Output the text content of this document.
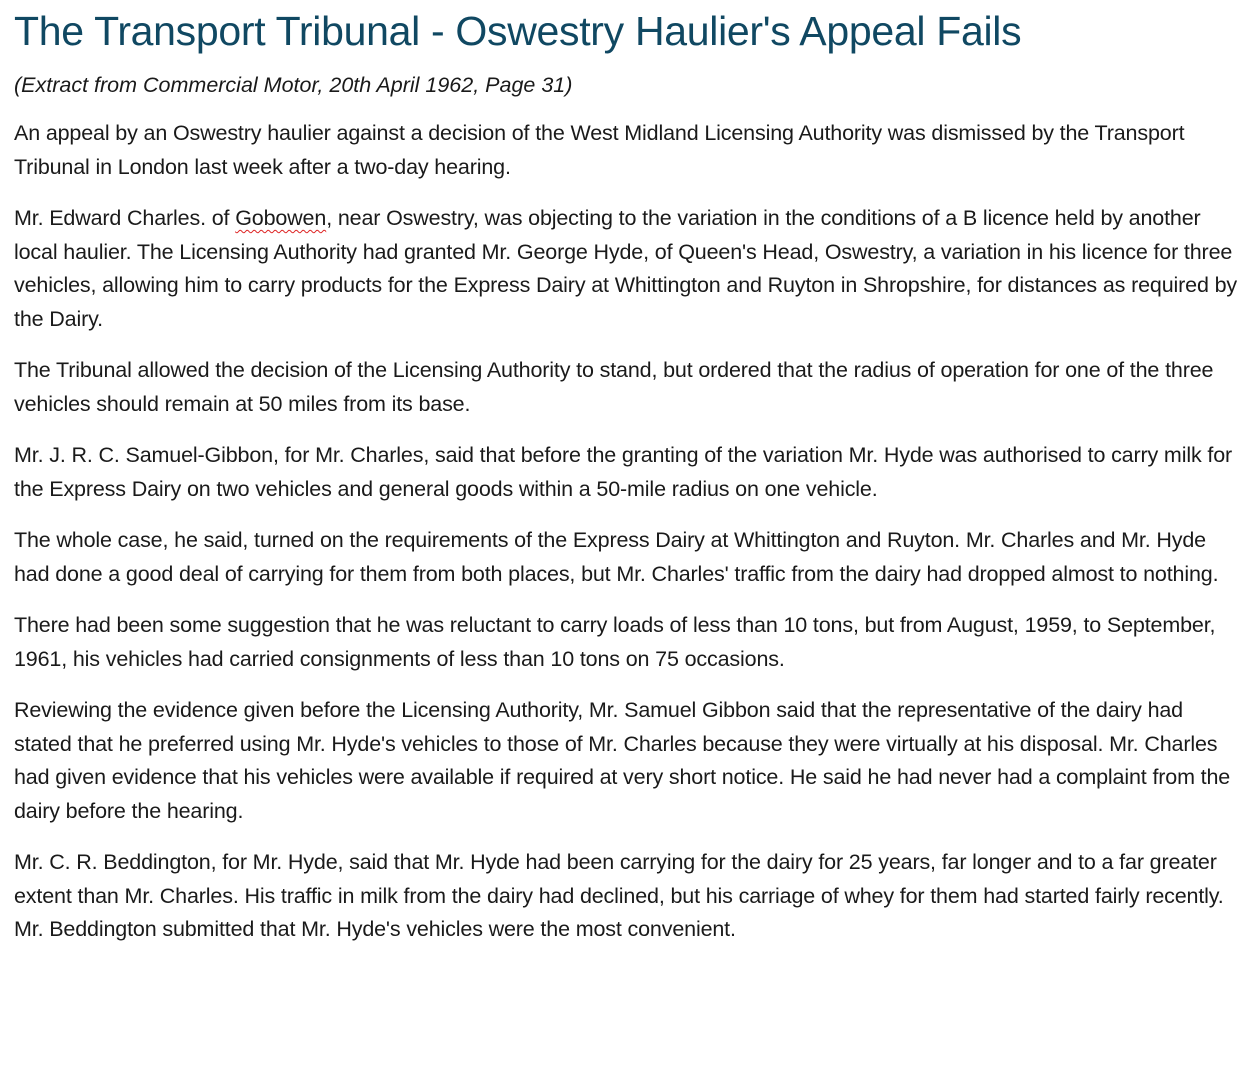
The Transport Tribunal - Oswestry Haulier's Appeal Fails

(Extract from Commercial Motor, 20th April 1962, Page 31)

An appeal by an Oswestry haulier against a decision of the West Midland Licensing Authority was dismissed by the Transport Tribunal in London last week after a two-day hearing.

Mr. Edward Charles. of Gobowen, near Oswestry, was objecting to the variation in the conditions of a B licence held by another local haulier. The Licensing Authority had granted Mr. George Hyde, of Queen's Head, Oswestry, a variation in his licence for three vehicles, allowing him to carry products for the Express Dairy at Whittington and Ruyton in Shropshire, for distances as required by the Dairy.

The Tribunal allowed the decision of the Licensing Authority to stand, but ordered that the radius of operation for one of the three vehicles should remain at 50 miles from its base.

Mr. J. R. C. Samuel-Gibbon, for Mr. Charles, said that before the granting of the variation Mr. Hyde was authorised to carry milk for the Express Dairy on two vehicles and general goods within a 50-mile radius on one vehicle.

The whole case, he said, turned on the requirements of the Express Dairy at Whittington and Ruyton. Mr. Charles and Mr. Hyde had done a good deal of carrying for them from both places, but Mr. Charles' traffic from the dairy had dropped almost to nothing.

There had been some suggestion that he was reluctant to carry loads of less than 10 tons, but from August, 1959, to September, 1961, his vehicles had carried consignments of less than 10 tons on 75 occasions.

Reviewing the evidence given before the Licensing Authority, Mr. Samuel Gibbon said that the representative of the dairy had stated that he preferred using Mr. Hyde's vehicles to those of Mr. Charles because they were virtually at his disposal. Mr. Charles had given evidence that his vehicles were available if required at very short notice. He said he had never had a complaint from the dairy before the hearing.

Mr. C. R. Beddington, for Mr. Hyde, said that Mr. Hyde had been carrying for the dairy for 25 years, far longer and to a far greater extent than Mr. Charles. His traffic in milk from the dairy had declined, but his carriage of whey for them had started fairly recently. Mr. Beddington submitted that Mr. Hyde's vehicles were the most convenient.
